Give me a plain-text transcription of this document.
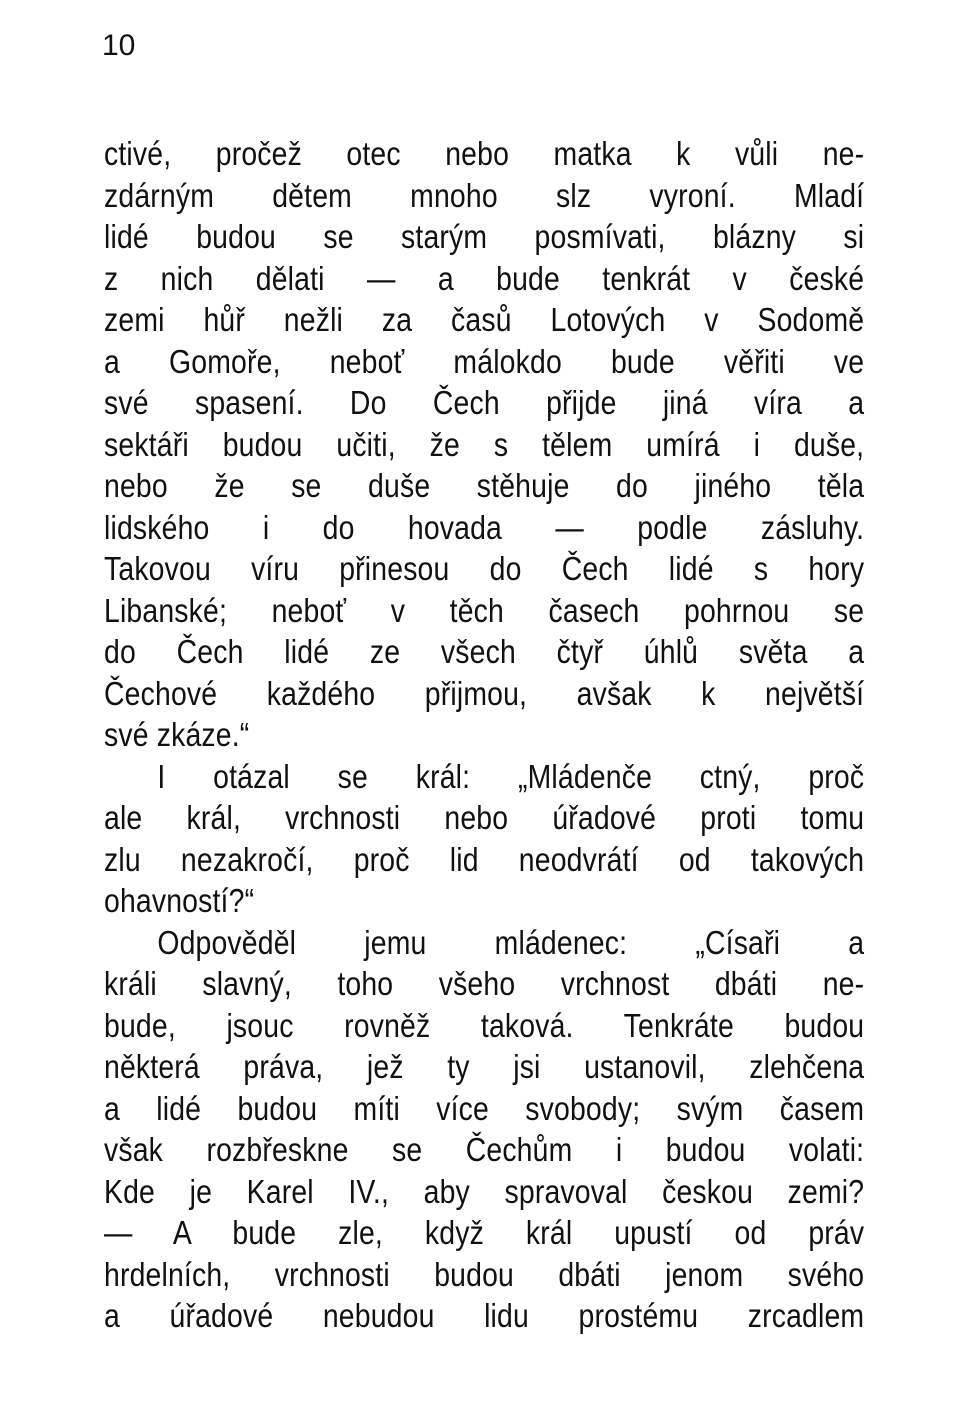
10
ctivé, pročež otec nebo matka k vůli ne-
zdárným dětem mnoho slz vyroní. Mladí
lidé budou se starým posmívati, blázny si
z nich dělati — a bude tenkrát v české
zemi hůř nežli za časů Lotových v Sodomě
a Gomoře, neboť málokdo bude věřiti ve
své spasení. Do Čech přijde jiná víra a
sektáři budou učiti, že s tělem umírá i duše,
nebo že se duše stěhuje do jiného těla
lidského i do hovada — podle zásluhy.
Takovou víru přinesou do Čech lidé s hory
Libanské; neboť v těch časech pohrnou se
do Čech lidé ze všech čtyř úhlů světa a
Čechové každého přijmou, avšak k největší
své zkáze.“
I otázal se král: „Mládenče ctný, proč
ale král, vrchnosti nebo úřadové proti tomu
zlu nezakročí, proč lid neodvrátí od takových
ohavností?“
Odpověděl jemu mládenec: „Císaři a
králi slavný, toho všeho vrchnost dbáti ne-
bude, jsouc rovněž taková. Tenkráte budou
některá práva, jež ty jsi ustanovil, zlehčena
a lidé budou míti více svobody; svým časem
však rozbřeskne se Čechům i budou volati:
Kde je Karel IV., aby spravoval českou zemi?
— A bude zle, když král upustí od práv
hrdelních, vrchnosti budou dbáti jenom svého
a úřadové nebudou lidu prostému zrcadlem
